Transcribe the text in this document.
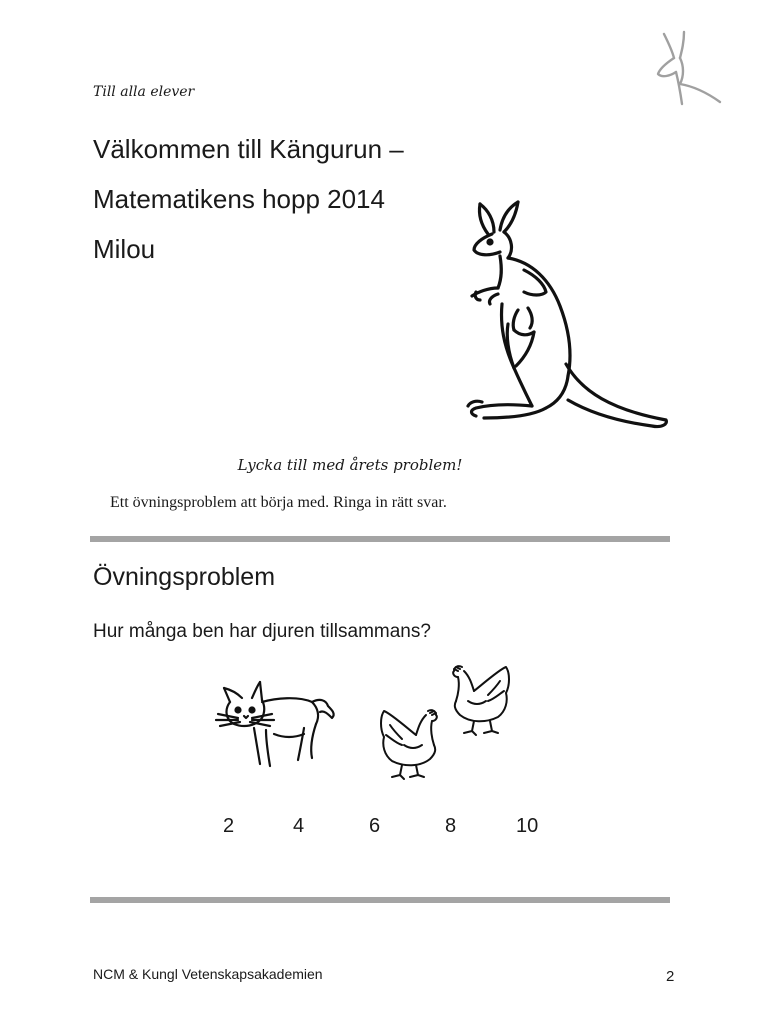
Till alla elever
Välkommen till Kängurun –
Matematikens hopp 2014
Milou
Lycka till med årets problem!
Ett övningsproblem att börja med. Ringa in rätt svar.
Övningsproblem
Hur många ben har djuren tillsammans?
2	4	6	8	10
NCM & Kungl Vetenskapsakademien	2
